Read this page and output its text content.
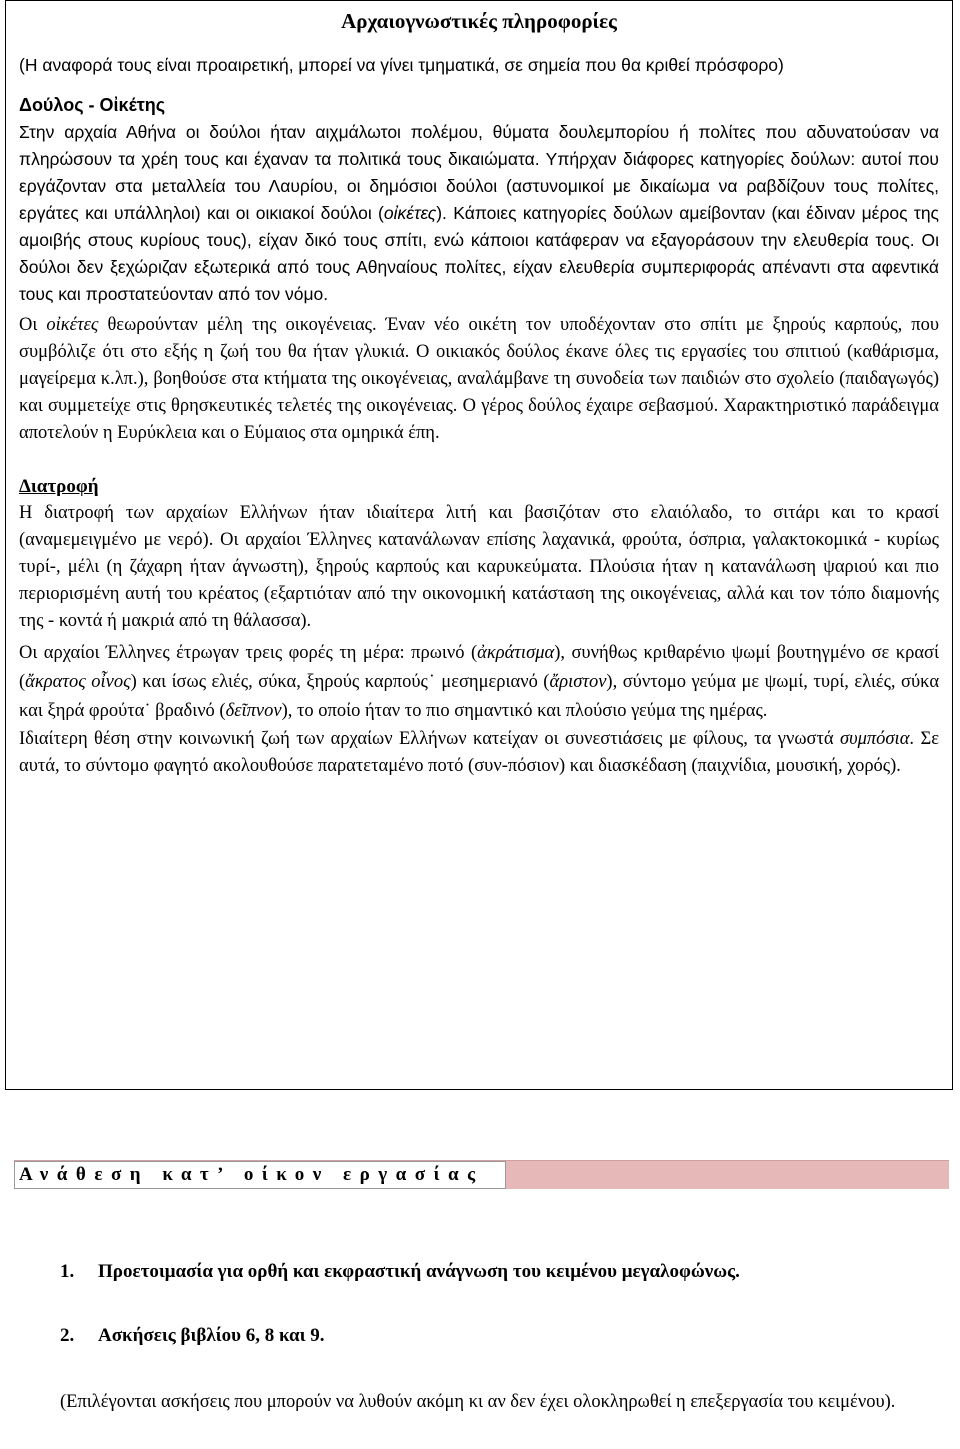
Αρχαιογνωστικές πληροφορίες

(Η αναφορά τους είναι προαιρετική, μπορεί να γίνει τμηματικά, σε σημεία που θα κριθεί πρόσφορο)

Δούλος - Οἰκέτης

Στην αρχαία Αθήνα οι δούλοι ήταν αιχμάλωτοι πολέμου, θύματα δουλεμπορίου ή πολίτες που αδυνατούσαν να πληρώσουν τα χρέη τους και έχαναν τα πολιτικά τους δικαιώματα. Υπήρχαν διάφορες κατηγορίες δούλων: αυτοί που εργάζονταν στα μεταλλεία του Λαυρίου, οι δημόσιοι δούλοι (αστυνομικοί με δικαίωμα να ραβδίζουν τους πολίτες, εργάτες και υπάλληλοι) και οι οικιακοί δούλοι (οἰκέτες). Κάποιες κατηγορίες δούλων αμείβονταν (και έδιναν μέρος της αμοιβής στους κυρίους τους), είχαν δικό τους σπίτι, ενώ κάποιοι κατάφεραν να εξαγοράσουν την ελευθερία τους. Οι δούλοι δεν ξεχώριζαν εξωτερικά από τους Αθηναίους πολίτες, είχαν ελευθερία συμπεριφοράς απέναντι στα αφεντικά τους και προστατεύονταν από τον νόμο.

Οι οἰκέτες θεωρούνταν μέλη της οικογένειας. Έναν νέο οικέτη τον υποδέχονταν στο σπίτι με ξηρούς καρπούς, που συμβόλιζε ότι στο εξής η ζωή του θα ήταν γλυκιά. Ο οικιακός δούλος έκανε όλες τις εργασίες του σπιτιού (καθάρισμα, μαγείρεμα κ.λπ.), βοηθούσε στα κτήματα της οικογένειας, αναλάμβανε τη συνοδεία των παιδιών στο σχολείο (παιδαγωγός) και συμμετείχε στις θρησκευτικές τελετές της οικογένειας. Ο γέρος δούλος έχαιρε σεβασμού. Χαρακτηριστικό παράδειγμα αποτελούν η Ευρύκλεια και ο Εύμαιος στα ομηρικά έπη.

Διατροφή

Η διατροφή των αρχαίων Ελλήνων ήταν ιδιαίτερα λιτή και βασιζόταν στο ελαιόλαδο, το σιτάρι και το κρασί (αναμεμειγμένο με νερό). Οι αρχαίοι Έλληνες κατανάλωναν επίσης λαχανικά, φρούτα, όσπρια, γαλακτοκομικά - κυρίως τυρί-, μέλι (η ζάχαρη ήταν άγνωστη), ξηρούς καρπούς και καρυκεύματα. Πλούσια ήταν η κατανάλωση ψαριού και πιο περιορισμένη αυτή του κρέατος (εξαρτιόταν από την οικονομική κατάσταση της οικογένειας, αλλά και τον τόπο διαμονής της - κοντά ή μακριά από τη θάλασσα).

Οι αρχαίοι Έλληνες έτρωγαν τρεις φορές τη μέρα: πρωινό (ἀκράτισμα), συνήθως κριθαρένιο ψωμί βουτηγμένο σε κρασί (ἄκρατος οἶνος) και ίσως ελιές, σύκα, ξηρούς καρπούς˙ μεσημεριανό (ἄριστον), σύντομο γεύμα με ψωμί, τυρί, ελιές, σύκα και ξηρά φρούτα˙ βραδινό (δεῖπνον), το οποίο ήταν το πιο σημαντικό και πλούσιο γεύμα της ημέρας.

Ιδιαίτερη θέση στην κοινωνική ζωή των αρχαίων Ελλήνων κατείχαν οι συνεστιάσεις με φίλους, τα γνωστά συμπόσια. Σε αυτά, το σύντομο φαγητό ακολουθούσε παρατεταμένο ποτό (συν-πόσιον) και διασκέδαση (παιχνίδια, μουσική, χορός).

Ανάθεση κατ’ οίκον εργασίας
1. Προετοιμασία για ορθή και εκφραστική ανάγνωση του κειμένου μεγαλοφώνως.
2. Ασκήσεις βιβλίου 6, 8 και 9.

(Επιλέγονται ασκήσεις που μπορούν να λυθούν ακόμη κι αν δεν έχει ολοκληρωθεί η επεξεργασία του κειμένου).
